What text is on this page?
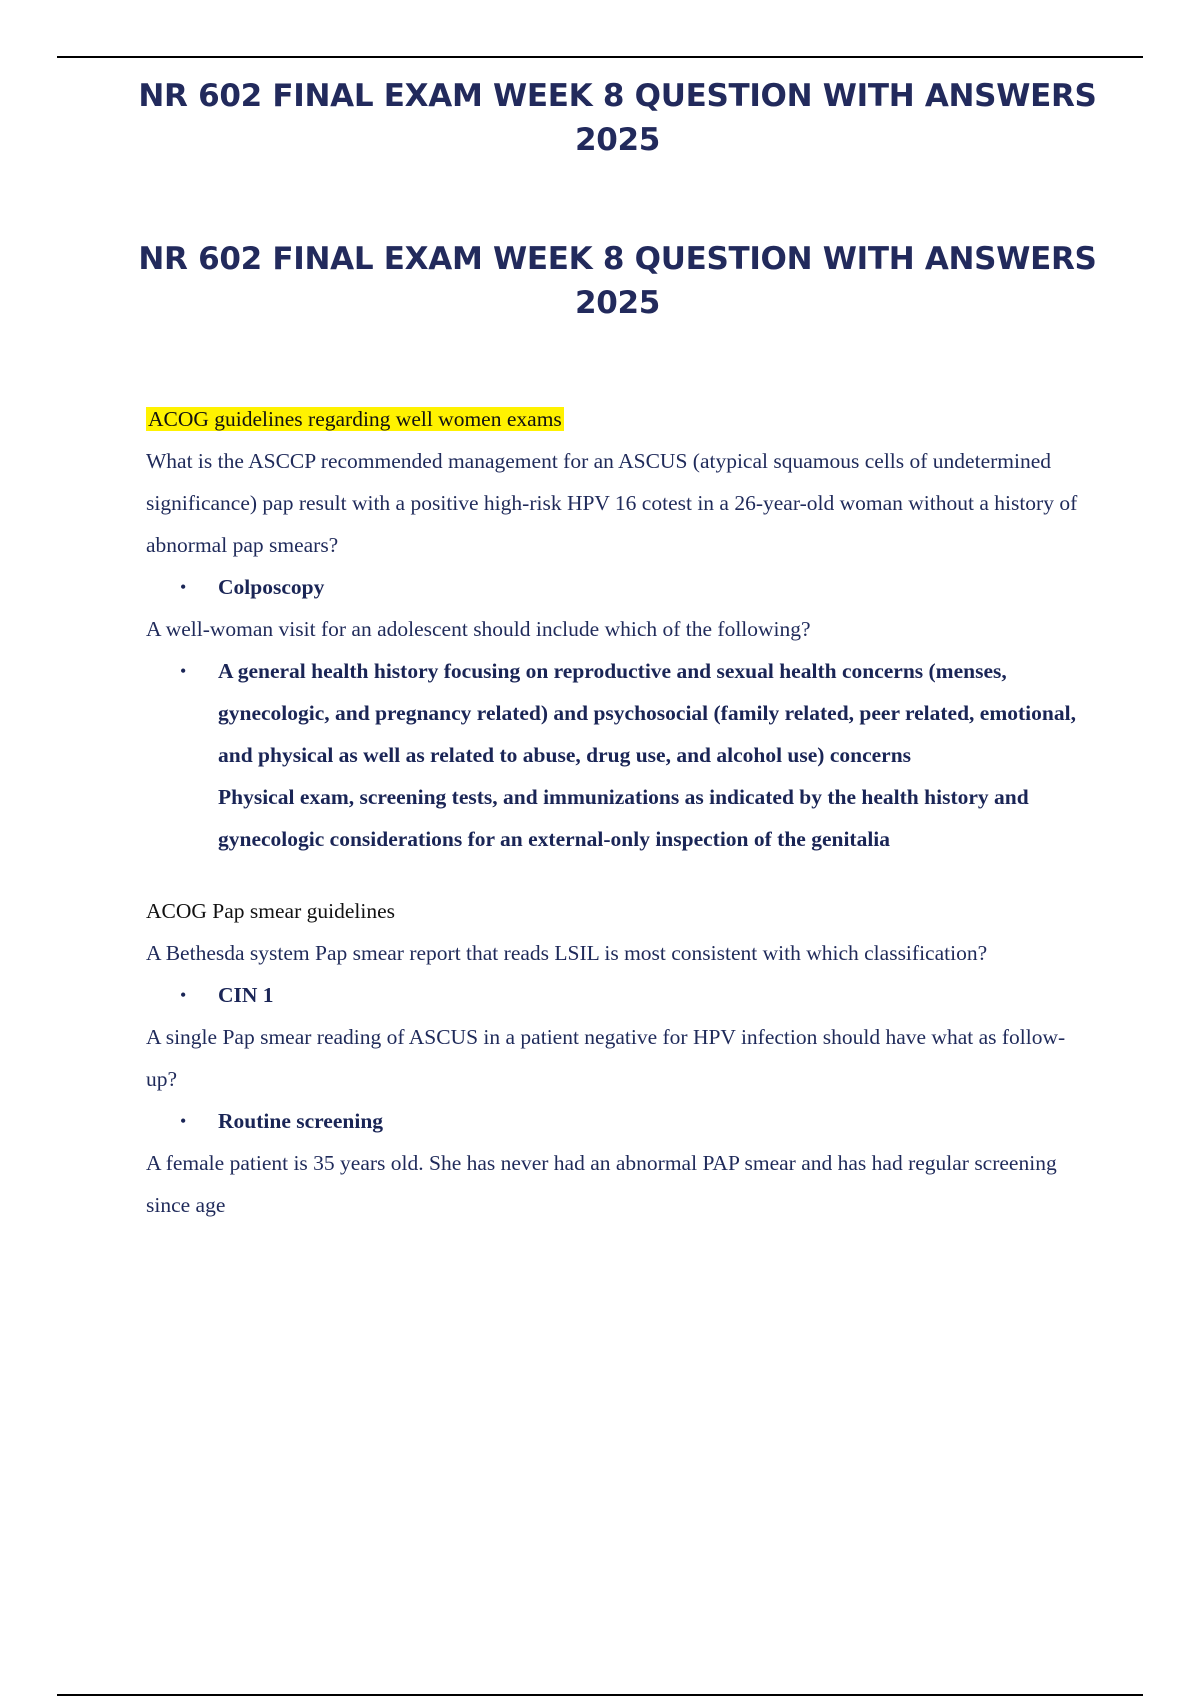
NR 602 FINAL EXAM WEEK 8 QUESTION WITH ANSWERS 2025
NR 602 FINAL EXAM WEEK 8 QUESTION WITH ANSWERS 2025

ACOG guidelines regarding well women exams

What is the ASCCP recommended management for an ASCUS (atypical squamous cells of undetermined significance) pap result with a positive high-risk HPV 16 cotest in a 26-year-old woman without a history of abnormal pap smears?

• Colposcopy

A well-woman visit for an adolescent should include which of the following?

• A general health history focusing on reproductive and sexual health concerns (menses, gynecologic, and pregnancy related) and psychosocial (family related, peer related, emotional, and physical as well as related to abuse, drug use, and alcohol use) concerns
Physical exam, screening tests, and immunizations as indicated by the health history and gynecologic considerations for an external-only inspection of the genitalia

ACOG Pap smear guidelines

A Bethesda system Pap smear report that reads LSIL is most consistent with which classification?

• CIN 1

A single Pap smear reading of ASCUS in a patient negative for HPV infection should have what as follow-up?

• Routine screening

A female patient is 35 years old. She has never had an abnormal PAP smear and has had regular screening since age
